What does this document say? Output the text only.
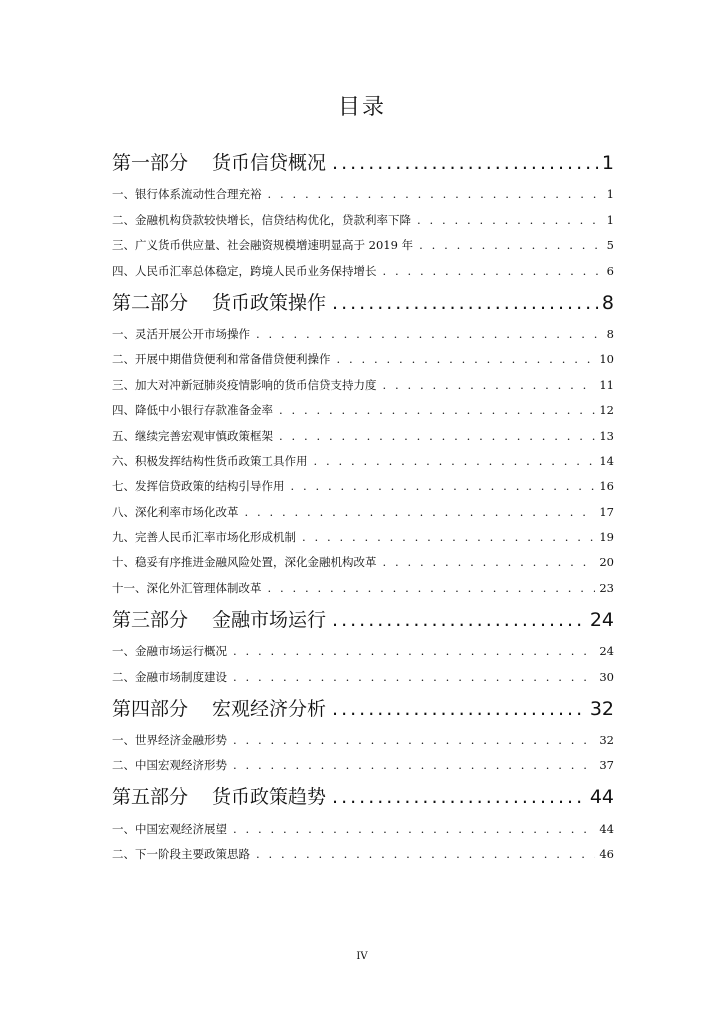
目录
第一部分 货币信贷概况 .....	1
一、银行体系流动性合理充裕 . . .	1
二、金融机构贷款较快增长，信贷结构优化，贷款利率下降 . . .	1
三、广义货币供应量、社会融资规模增速明显高于 2019 年 . . .	5
四、人民币汇率总体稳定，跨境人民币业务保持增长 . . .	6
第二部分 货币政策操作 .....	8
一、灵活开展公开市场操作 . . .	8
二、开展中期借贷便利和常备借贷便利操作 . . .	10
三、加大对冲新冠肺炎疫情影响的货币信贷支持力度 . . .	11
四、降低中小银行存款准备金率 . . .	12
五、继续完善宏观审慎政策框架 . . .	13
六、积极发挥结构性货币政策工具作用 . . .	14
七、发挥信贷政策的结构引导作用 . . .	16
八、深化利率市场化改革 . . .	17
九、完善人民币汇率市场化形成机制 . . .	19
十、稳妥有序推进金融风险处置，深化金融机构改革 . . .	20
十一、深化外汇管理体制改革 . . .	23
第三部分 金融市场运行 .....	24
一、金融市场运行概况 . . .	24
二、金融市场制度建设 . . .	30
第四部分 宏观经济分析 .....	32
一、世界经济金融形势 . . .	32
二、中国宏观经济形势 . . .	37
第五部分 货币政策趋势 .....	44
一、中国宏观经济展望 . . .	44
二、下一阶段主要政策思路 . . .	46
IV
